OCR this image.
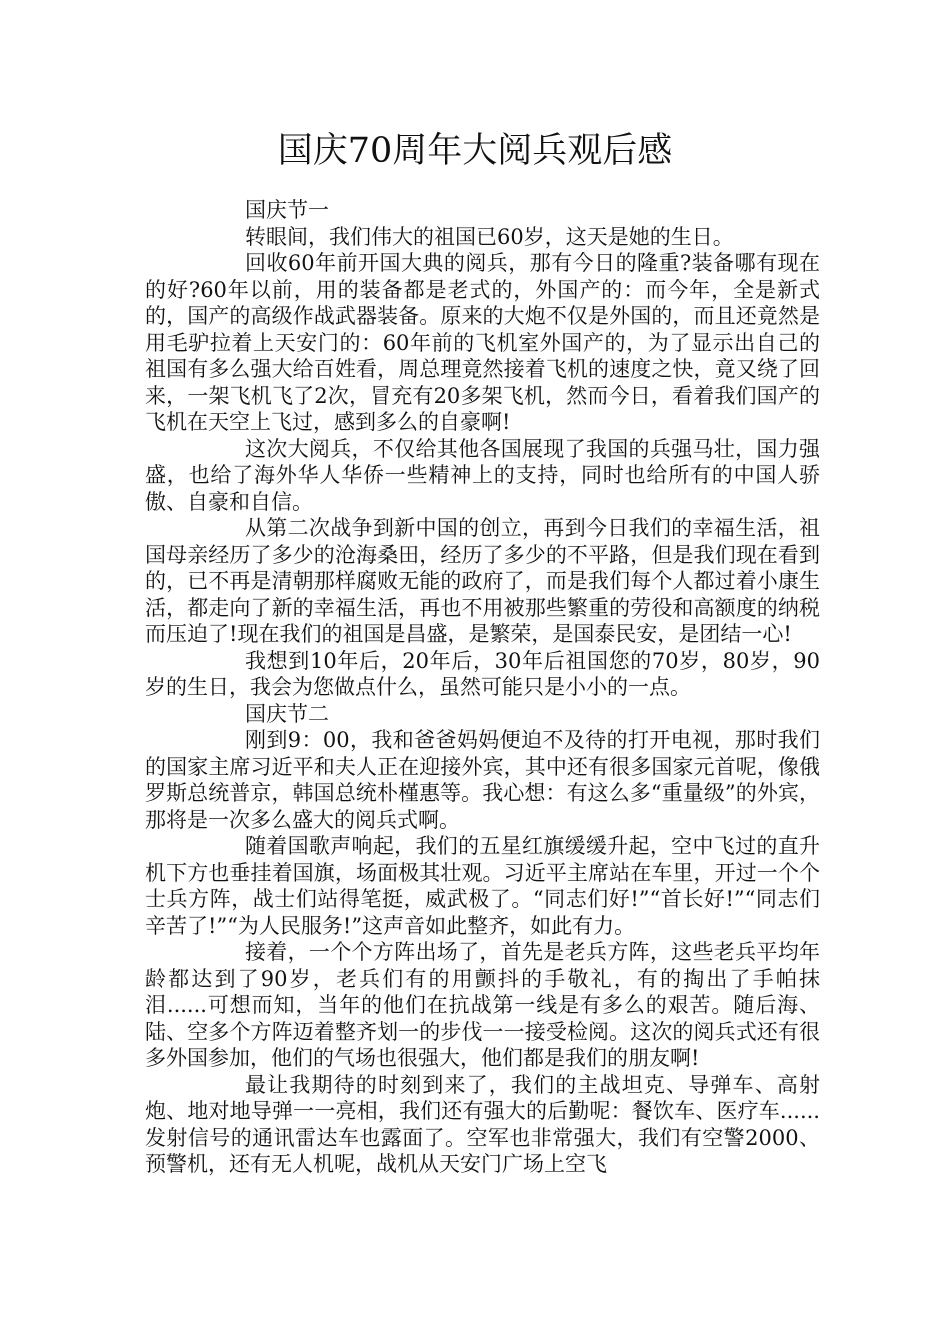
国庆70周年大阅兵观后感

国庆节一

转眼间，我们伟大的祖国已60岁，这天是她的生日。

回收60年前开国大典的阅兵，那有今日的隆重?装备哪有现在的好?60年以前，用的装备都是老式的，外国产的：而今年，全是新式的，国产的高级作战武器装备。原来的大炮不仅是外国的，而且还竟然是用毛驴拉着上天安门的：60年前的飞机室外国产的，为了显示出自己的祖国有多么强大给百姓看，周总理竟然接着飞机的速度之快，竟又绕了回来，一架飞机飞了2次，冒充有20多架飞机，然而今日，看着我们国产的飞机在天空上飞过，感到多么的自豪啊!

这次大阅兵，不仅给其他各国展现了我国的兵强马壮，国力强盛，也给了海外华人华侨一些精神上的支持，同时也给所有的中国人骄傲、自豪和自信。

从第二次战争到新中国的创立，再到今日我们的幸福生活，祖国母亲经历了多少的沧海桑田，经历了多少的不平路，但是我们现在看到的，已不再是清朝那样腐败无能的政府了，而是我们每个人都过着小康生活，都走向了新的幸福生活，再也不用被那些繁重的劳役和高额度的纳税而压迫了!现在我们的祖国是昌盛，是繁荣，是国泰民安，是团结一心!

我想到10年后，20年后，30年后祖国您的70岁，80岁，90岁的生日，我会为您做点什么，虽然可能只是小小的一点。

国庆节二

刚到9：00，我和爸爸妈妈便迫不及待的打开电视，那时我们的国家主席习近平和夫人正在迎接外宾，其中还有很多国家元首呢，像俄罗斯总统普京，韩国总统朴槿惠等。我心想：有这么多“重量级”的外宾，那将是一次多么盛大的阅兵式啊。

随着国歌声响起，我们的五星红旗缓缓升起，空中飞过的直升机下方也垂挂着国旗，场面极其壮观。习近平主席站在车里，开过一个个士兵方阵，战士们站得笔挺，威武极了。“同志们好!”“首长好!”“同志们辛苦了!”“为人民服务!”这声音如此整齐，如此有力。

接着，一个个方阵出场了，首先是老兵方阵，这些老兵平均年龄都达到了90岁，老兵们有的用颤抖的手敬礼，有的掏出了手帕抹泪......可想而知，当年的他们在抗战第一线是有多么的艰苦。随后海、陆、空多个方阵迈着整齐划一的步伐一一接受检阅。这次的阅兵式还有很多外国参加，他们的气场也很强大，他们都是我们的朋友啊!

最让我期待的时刻到来了，我们的主战坦克、导弹车、高射炮、地对地导弹一一亮相，我们还有强大的后勤呢：餐饮车、医疗车......发射信号的通讯雷达车也露面了。空军也非常强大，我们有空警2000、预警机，还有无人机呢，战机从天安门广场上空飞
